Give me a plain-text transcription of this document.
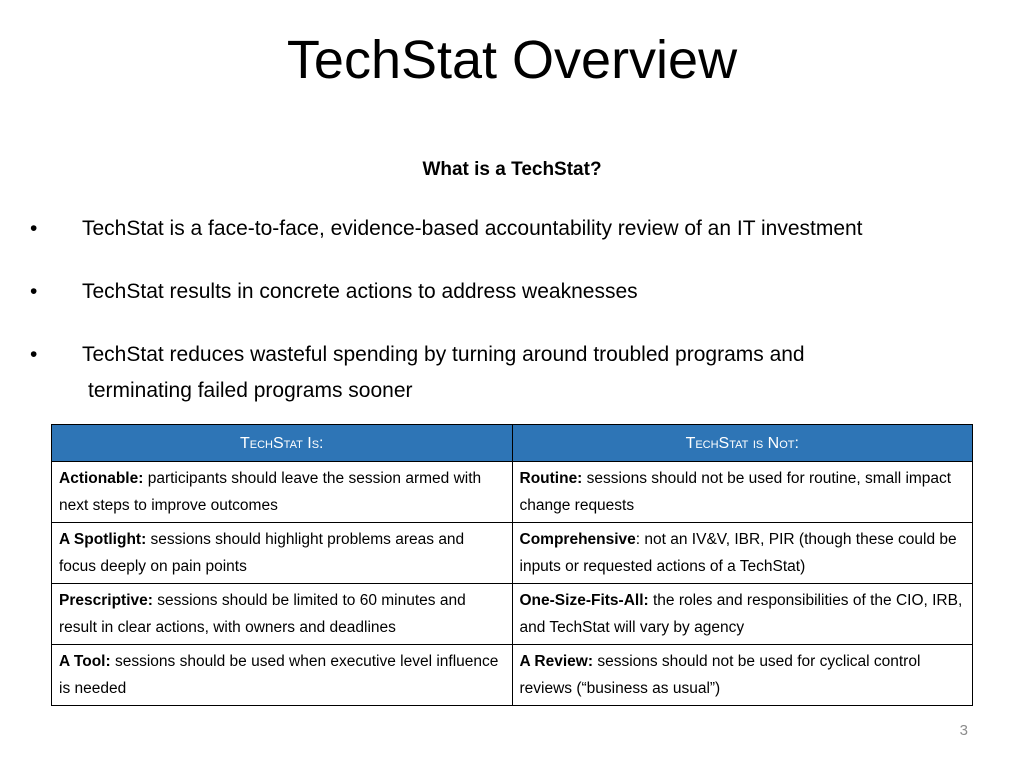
TechStat Overview
What is a TechStat?
•	TechStat is a face-to-face, evidence-based accountability review of an IT investment
•	TechStat results in concrete actions to address weaknesses
•	TechStat reduces wasteful spending by turning around troubled programs and
terminating failed programs sooner
TechStat Is:	TechStat is Not:
Actionable: participants should leave the session armed with next steps to improve outcomes	Routine: sessions should not be used for routine, small impact change requests
A Spotlight: sessions should highlight problems areas and focus deeply on pain points	Comprehensive: not an IV&V, IBR, PIR (though these could be inputs or requested actions of a TechStat)
Prescriptive: sessions should be limited to 60 minutes and result in clear actions, with owners and deadlines	One-Size-Fits-All: the roles and responsibilities of the CIO, IRB, and TechStat will vary by agency
A Tool: sessions should be used when executive level influence is needed	A Review: sessions should not be used for cyclical control reviews (“business as usual”)
3
